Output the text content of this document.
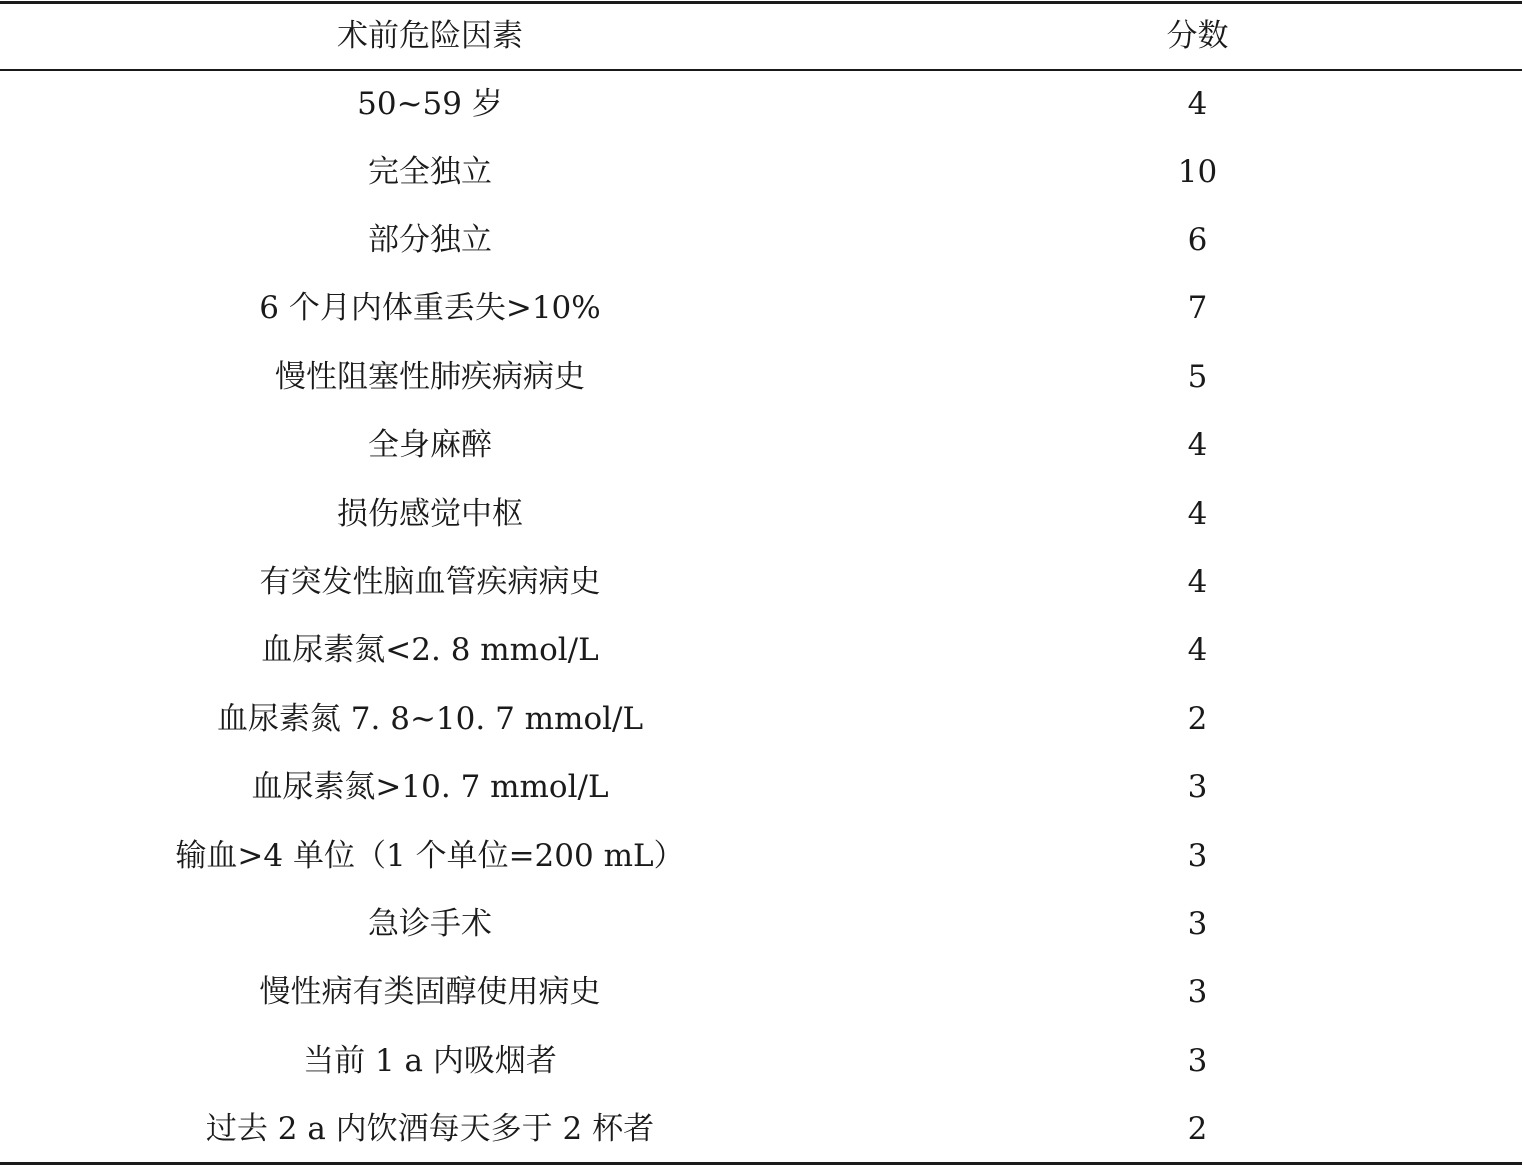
术前危险因素	分数
50~59 岁	4
完全独立	10
部分独立	6
6 个月内体重丢失>10%	7
慢性阻塞性肺疾病病史	5
全身麻醉	4
损伤感觉中枢	4
有突发性脑血管疾病病史	4
血尿素氮<2. 8 mmol/L	4
血尿素氮 7. 8~10. 7 mmol/L	2
血尿素氮>10. 7 mmol/L	3
输血>4 单位（1 个单位=200 mL）	3
急诊手术	3
慢性病有类固醇使用病史	3
当前 1 a 内吸烟者	3
过去 2 a 内饮酒每天多于 2 杯者	2
